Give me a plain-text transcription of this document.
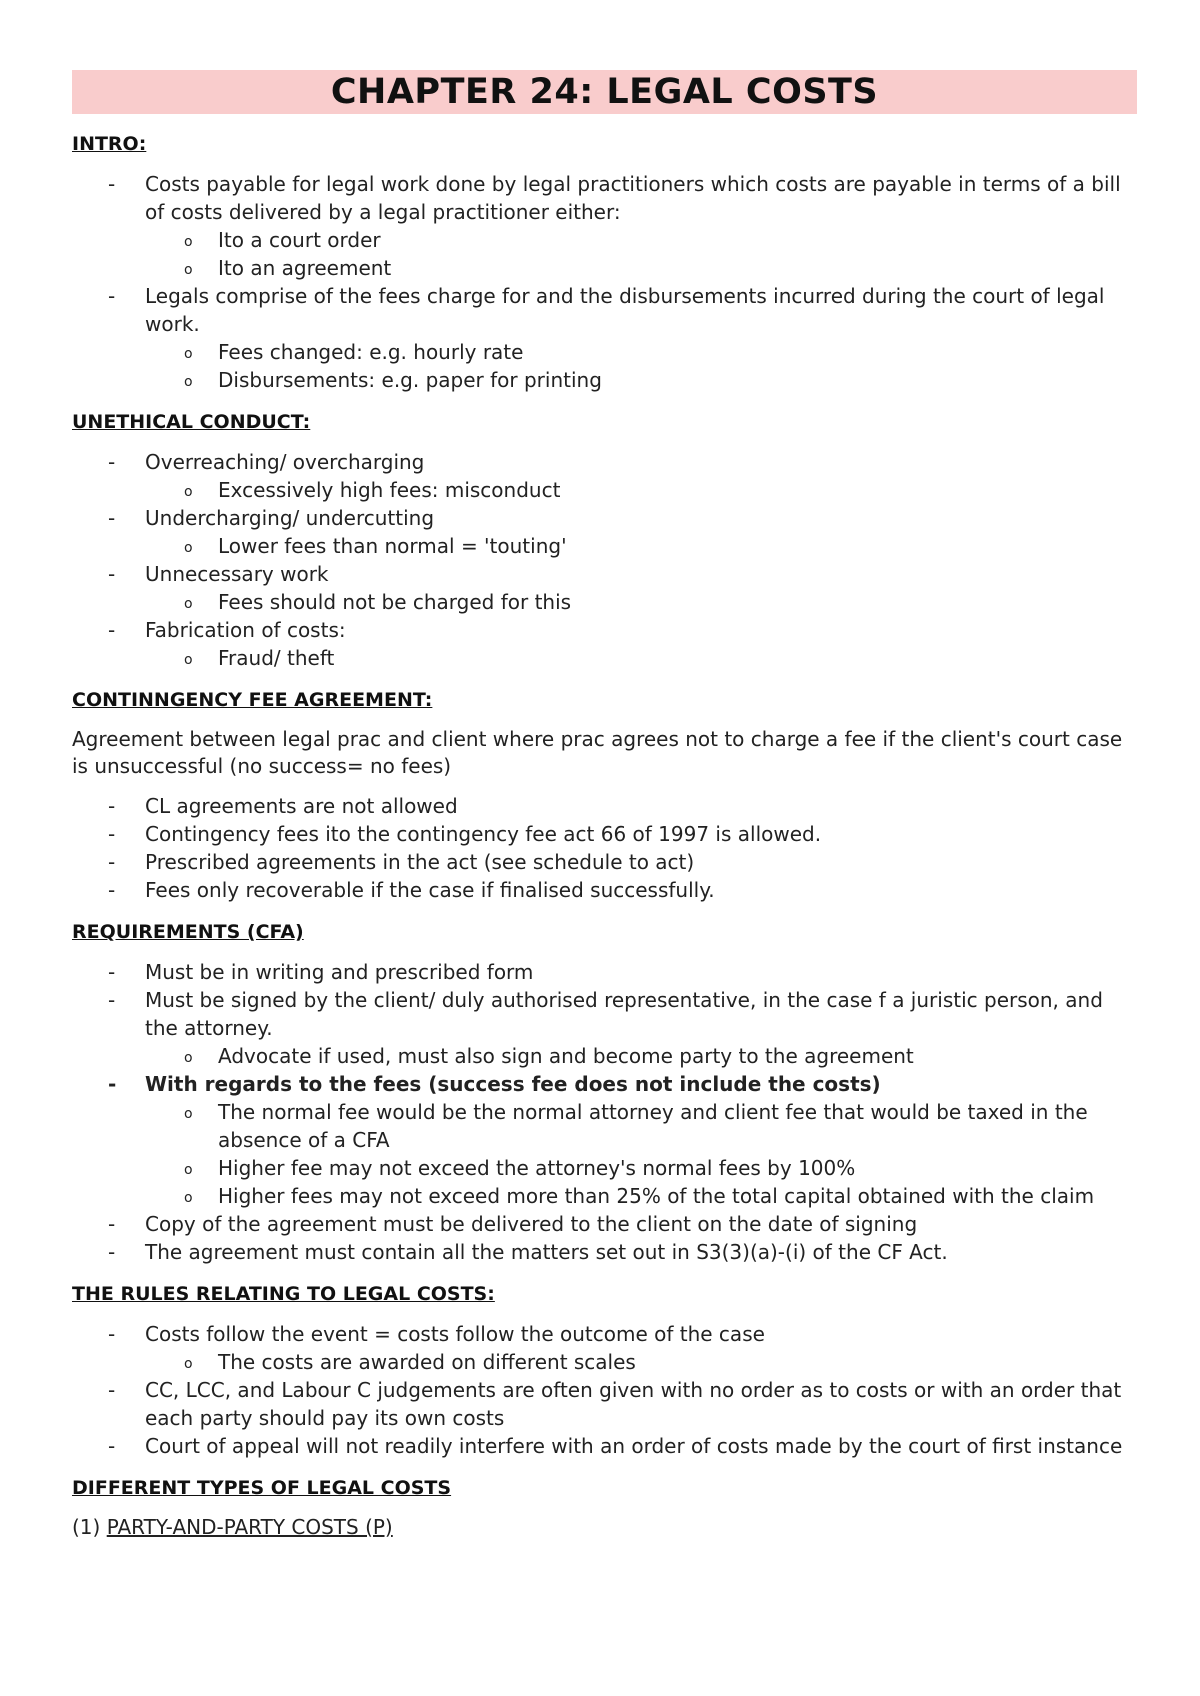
CHAPTER 24: LEGAL COSTS

INTRO:

- Costs payable for legal work done by legal practitioners which costs are payable in terms of a bill of costs delivered by a legal practitioner either:
o Ito a court order
o Ito an agreement
- Legals comprise of the fees charge for and the disbursements incurred during the court of legal work.
o Fees changed: e.g. hourly rate
o Disbursements: e.g. paper for printing

UNETHICAL CONDUCT:

- Overreaching/ overcharging
o Excessively high fees: misconduct
- Undercharging/ undercutting
o Lower fees than normal = 'touting'
- Unnecessary work
o Fees should not be charged for this
- Fabrication of costs:
o Fraud/ theft

CONTINNGENCY FEE AGREEMENT:

Agreement between legal prac and client where prac agrees not to charge a fee if the client's court case is unsuccessful (no success= no fees)

- CL agreements are not allowed
- Contingency fees ito the contingency fee act 66 of 1997 is allowed.
- Prescribed agreements in the act (see schedule to act)
- Fees only recoverable if the case if finalised successfully.

REQUIREMENTS (CFA)

- Must be in writing and prescribed form
- Must be signed by the client/ duly authorised representative, in the case f a juristic person, and the attorney.
o Advocate if used, must also sign and become party to the agreement
- With regards to the fees (success fee does not include the costs)
o The normal fee would be the normal attorney and client fee that would be taxed in the absence of a CFA
o Higher fee may not exceed the attorney's normal fees by 100%
o Higher fees may not exceed more than 25% of the total capital obtained with the claim
- Copy of the agreement must be delivered to the client on the date of signing
- The agreement must contain all the matters set out in S3(3)(a)-(i) of the CF Act.

THE RULES RELATING TO LEGAL COSTS:

- Costs follow the event = costs follow the outcome of the case
o The costs are awarded on different scales
- CC, LCC, and Labour C judgements are often given with no order as to costs or with an order that each party should pay its own costs
- Court of appeal will not readily interfere with an order of costs made by the court of first instance

DIFFERENT TYPES OF LEGAL COSTS

(1) PARTY-AND-PARTY COSTS (P)
